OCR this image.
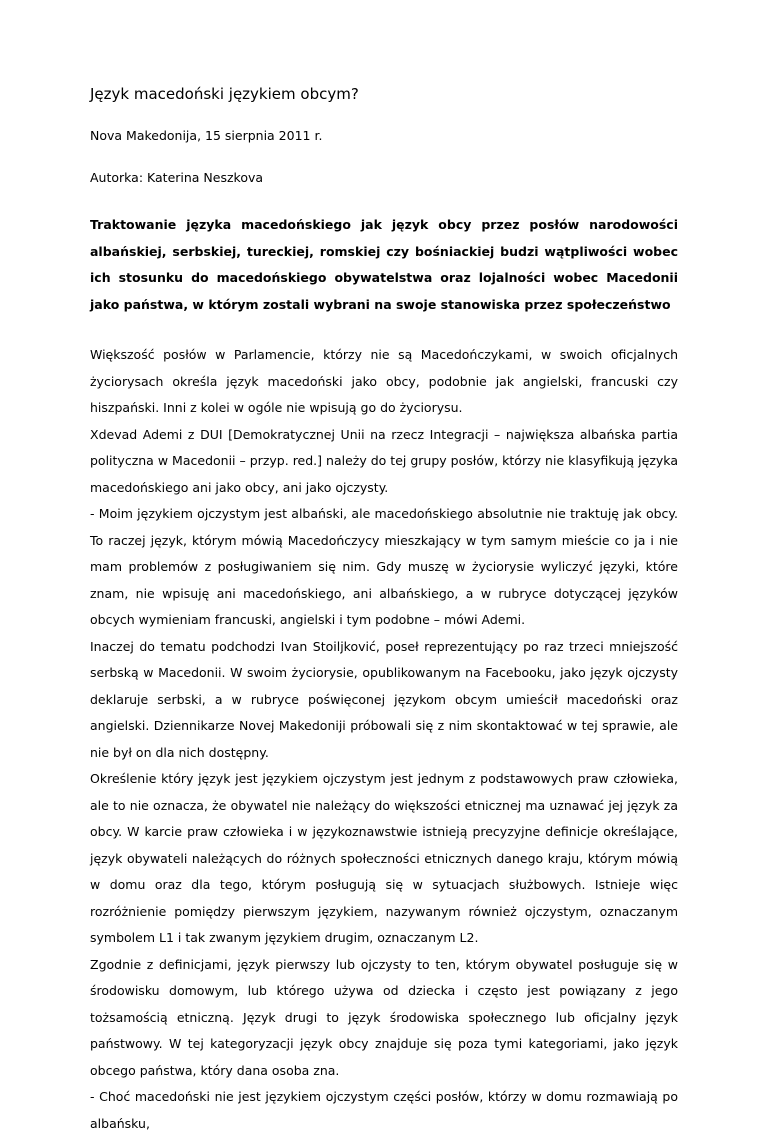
Język macedoński językiem obcym?

Nova Makedonija, 15 sierpnia 2011 r.

Autorka: Katerina Neszkova

Traktowanie języka macedońskiego jak język obcy przez posłów narodowości albańskiej, serbskiej, tureckiej, romskiej czy bośniackiej budzi wątpliwości wobec ich stosunku do macedońskiego obywatelstwa oraz lojalności wobec Macedonii jako państwa, w którym zostali wybrani na swoje stanowiska przez społeczeństwo

Większość posłów w Parlamencie, którzy nie są Macedończykami, w swoich oficjalnych życiorysach określa język macedoński jako obcy, podobnie jak angielski, francuski czy hiszpański. Inni z kolei w ogóle nie wpisują go do życiorysu.

Xdevad Ademi z DUI [Demokratycznej Unii na rzecz Integracji – największa albańska partia polityczna w Macedonii – przyp. red.] należy do tej grupy posłów, którzy nie klasyfikują języka macedońskiego ani jako obcy, ani jako ojczysty.

- Moim językiem ojczystym jest albański, ale macedońskiego absolutnie nie traktuję jak obcy. To raczej język, którym mówią Macedończycy mieszkający w tym samym mieście co ja i nie mam problemów z posługiwaniem się nim. Gdy muszę w życiorysie wyliczyć języki, które znam, nie wpisuję ani macedońskiego, ani albańskiego, a w rubryce dotyczącej języków obcych wymieniam francuski, angielski i tym podobne – mówi Ademi.

Inaczej do tematu podchodzi Ivan Stoiljković, poseł reprezentujący po raz trzeci mniejszość serbską w Macedonii. W swoim życiorysie, opublikowanym na Facebooku, jako język ojczysty deklaruje serbski, a w rubryce poświęconej językom obcym umieścił macedoński oraz angielski. Dziennikarze Novej Makedoniji próbowali się z nim skontaktować w tej sprawie, ale nie był on dla nich dostępny.

Określenie który język jest językiem ojczystym jest jednym z podstawowych praw człowieka, ale to nie oznacza, że obywatel nie należący do większości etnicznej ma uznawać jej język za obcy. W karcie praw człowieka i w językoznawstwie istnieją precyzyjne definicje określające, język obywateli należących do różnych społeczności etnicznych danego kraju, którym mówią w domu oraz dla tego, którym posługują się w sytuacjach służbowych. Istnieje więc rozróżnienie pomiędzy pierwszym językiem, nazywanym również ojczystym, oznaczanym symbolem L1 i tak zwanym językiem drugim, oznaczanym L2.

Zgodnie z definicjami, język pierwszy lub ojczysty to ten, którym obywatel posługuje się w środowisku domowym, lub którego używa od dziecka i często jest powiązany z jego tożsamością etniczną. Język drugi to język środowiska społecznego lub oficjalny język państwowy. W tej kategoryzacji język obcy znajduje się poza tymi kategoriami, jako język obcego państwa, który dana osoba zna.

- Choć macedoński nie jest językiem ojczystym części posłów, którzy w domu rozmawiają po albańsku,
